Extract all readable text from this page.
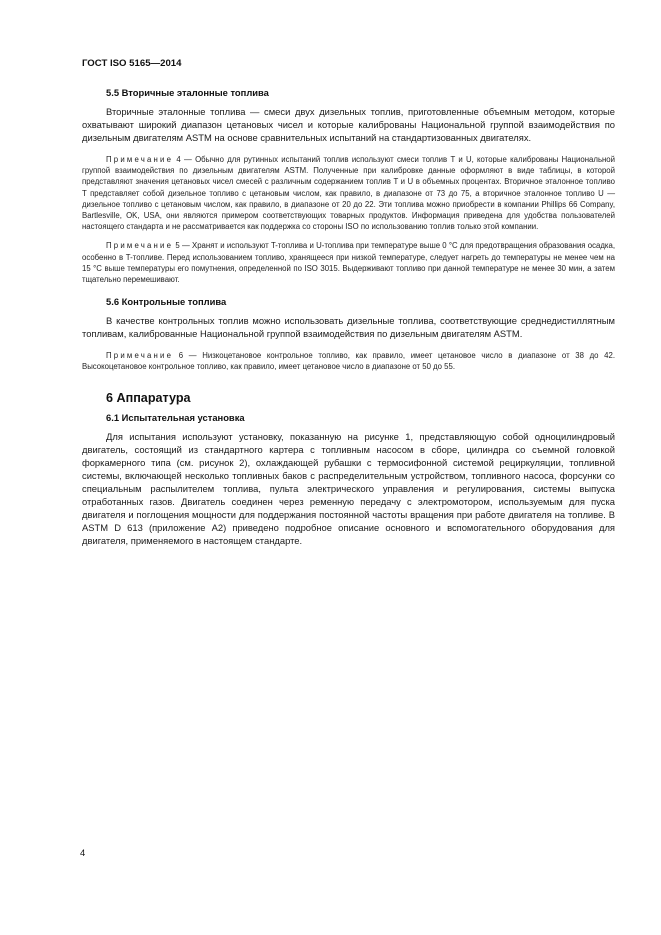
ГОСТ ISO 5165—2014
5.5 Вторичные эталонные топлива

Вторичные эталонные топлива — смеси двух дизельных топлив, приготовленные объемным методом, которые охватывают широкий диапазон цетановых чисел и которые калиброваны Национальной группой взаимодействия по дизельным двигателям ASTM на основе сравнительных испытаний на стандартизованных двигателях.

Примечание 4 — Обычно для рутинных испытаний топлив используют смеси топлив T и U, которые калиброваны Национальной группой взаимодействия по дизельным двигателям ASTM. Полученные при калибровке данные оформляют в виде таблицы, в которой представляют значения цетановых чисел смесей с различным содержанием топлив T и U в объемных процентах. Вторичное эталонное топливо T представляет собой дизельное топливо с цетановым числом, как правило, в диапазоне от 73 до 75, а вторичное эталонное топливо U — дизельное топливо с цетановым числом, как правило, в диапазоне от 20 до 22. Эти топлива можно приобрести в компании Phillips 66 Company, Bartlesville, OK, USA, они являются примером соответствующих товарных продуктов. Информация приведена для удобства пользователей настоящего стандарта и не рассматривается как поддержка со стороны ISO по использованию топлив только этой компании.

Примечание 5 — Хранят и используют T-топлива и U-топлива при температуре выше 0 °C для предотвращения образования осадка, особенно в T-топливе. Перед использованием топливо, хранящееся при низкой температуре, следует нагреть до температуры не менее чем на 15 °C выше температуры его помутнения, определенной по ISO 3015. Выдерживают топливо при данной температуре не менее 30 мин, а затем тщательно перемешивают.

5.6 Контрольные топлива

В качестве контрольных топлив можно использовать дизельные топлива, соответствующие среднедистиллятным топливам, калиброванные Национальной группой взаимодействия по дизельным двигателям ASTM.

Примечание 6 — Низкоцетановое контрольное топливо, как правило, имеет цетановое число в диапазоне от 38 до 42. Высокоцетановое контрольное топливо, как правило, имеет цетановое число в диапазоне от 50 до 55.

6 Аппаратура
6.1 Испытательная установка

Для испытания используют установку, показанную на рисунке 1, представляющую собой одноцилиндровый двигатель, состоящий из стандартного картера с топливным насосом в сборе, цилиндра со съемной головкой форкамерного типа (см. рисунок 2), охлаждающей рубашки с термосифонной системой рециркуляции, топливной системы, включающей несколько топливных баков с распределительным устройством, топливного насоса, форсунки со специальным распылителем топлива, пульта электрического управления и регулирования, системы выпуска отработанных газов. Двигатель соединен через ременную передачу с электромотором, используемым для пуска двигателя и поглощения мощности для поддержания постоянной частоты вращения при работе двигателя на топливе. В ASTM D 613 (приложение A2) приведено подробное описание основного и вспомогательного оборудования для двигателя, применяемого в настоящем стандарте.

4
